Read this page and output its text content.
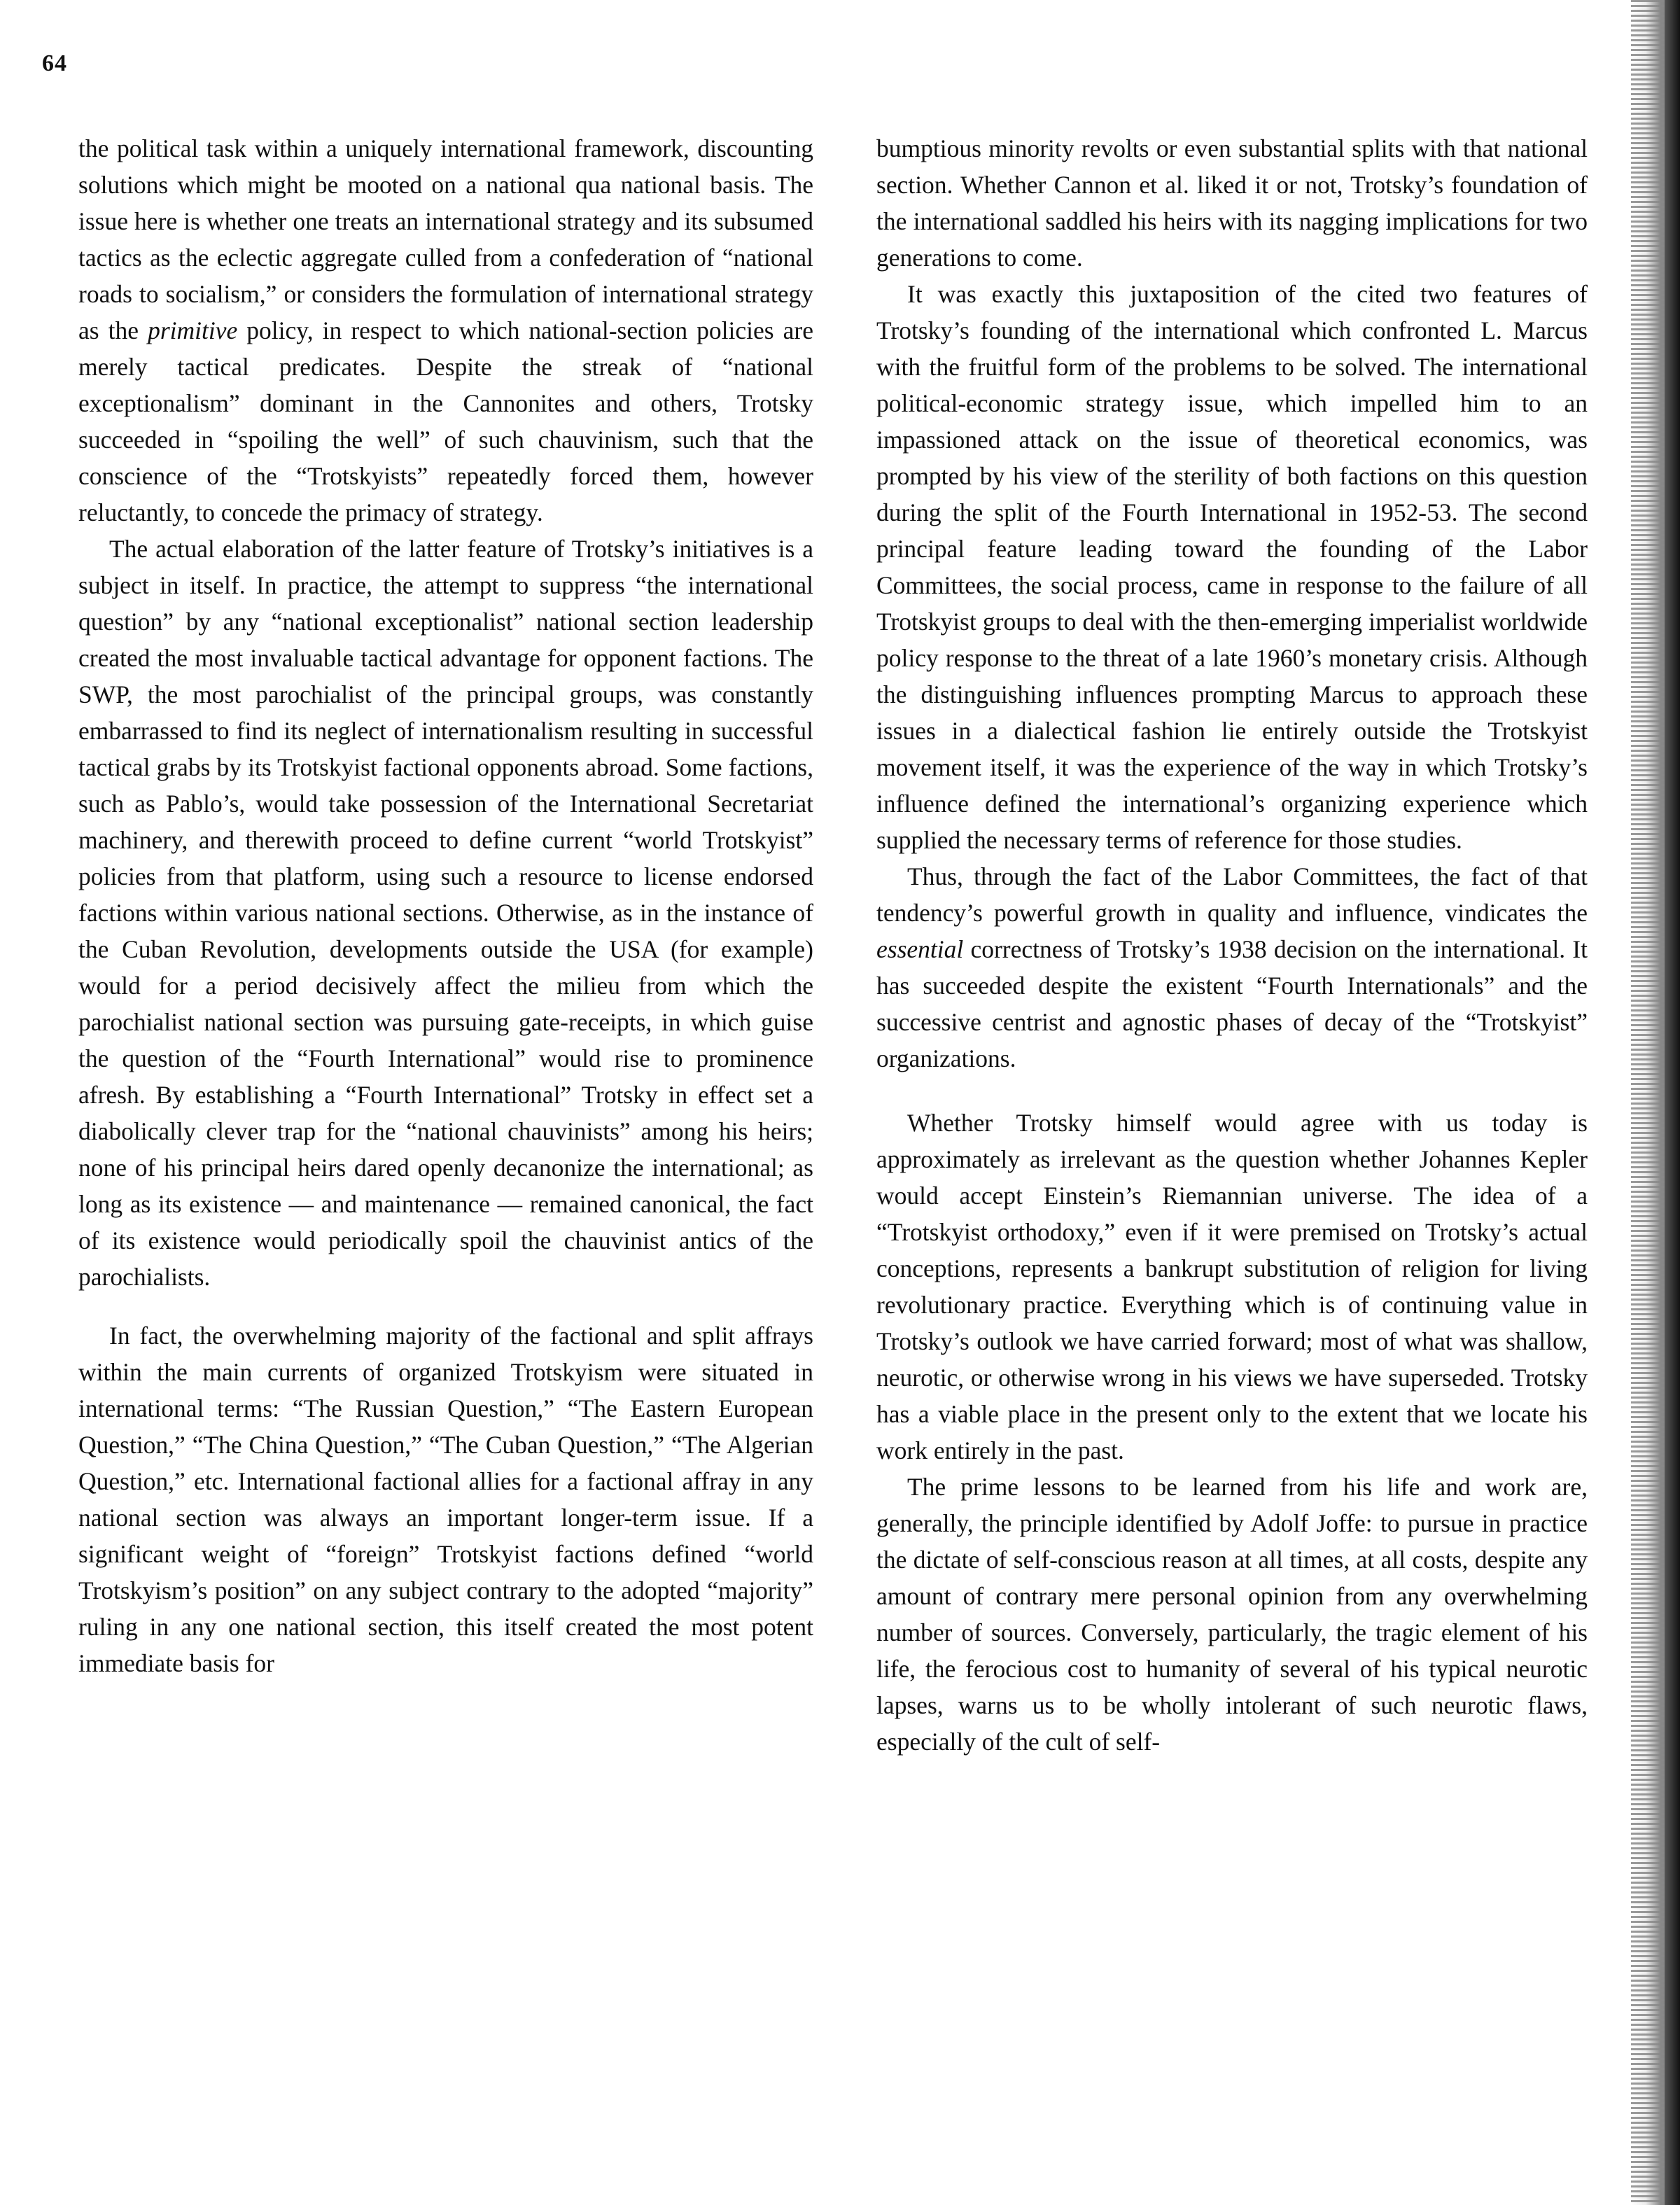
64

the political task within a uniquely international framework, discounting solutions which might be mooted on a national qua national basis. The issue here is whether one treats an international strategy and its subsumed tactics as the eclectic aggregate culled from a confederation of “national roads to socialism,” or considers the formulation of international strategy as the primitive policy, in respect to which national-section policies are merely tactical predicates. Despite the streak of “national exceptionalism” dominant in the Cannonites and others, Trotsky succeeded in “spoiling the well” of such chauvinism, such that the conscience of the “Trotskyists” repeatedly forced them, however reluctantly, to concede the primacy of strategy.

The actual elaboration of the latter feature of Trotsky’s initiatives is a subject in itself. In practice, the attempt to suppress “the international question” by any “national exceptionalist” national section leadership created the most invaluable tactical advantage for opponent factions. The SWP, the most parochialist of the principal groups, was constantly embarrassed to find its neglect of internationalism resulting in successful tactical grabs by its Trotskyist factional opponents abroad. Some factions, such as Pablo’s, would take possession of the International Secretariat machinery, and therewith proceed to define current “world Trotskyist” policies from that platform, using such a resource to license endorsed factions within various national sections. Otherwise, as in the instance of the Cuban Revolution, developments outside the USA (for example) would for a period decisively affect the milieu from which the parochialist national section was pursuing gate-receipts, in which guise the question of the “Fourth International” would rise to prominence afresh. By establishing a “Fourth International” Trotsky in effect set a diabolically clever trap for the “national chauvinists” among his heirs; none of his principal heirs dared openly decanonize the international; as long as its existence — and maintenance — remained canonical, the fact of its existence would periodically spoil the chauvinist antics of the parochialists.

In fact, the overwhelming majority of the factional and split affrays within the main currents of organized Trotskyism were situated in international terms: “The Russian Question,” “The Eastern European Question,” “The China Question,” “The Cuban Question,” “The Algerian Question,” etc. International factional allies for a factional affray in any national section was always an important longer-term issue. If a significant weight of “foreign” Trotskyist factions defined “world Trotskyism’s position” on any subject contrary to the adopted “majority” ruling in any one national section, this itself created the most potent immediate basis for

bumptious minority revolts or even substantial splits with that national section. Whether Cannon et al. liked it or not, Trotsky’s foundation of the international saddled his heirs with its nagging implications for two generations to come.

It was exactly this juxtaposition of the cited two features of Trotsky’s founding of the international which confronted L. Marcus with the fruitful form of the problems to be solved. The international political-economic strategy issue, which impelled him to an impassioned attack on the issue of theoretical economics, was prompted by his view of the sterility of both factions on this question during the split of the Fourth International in 1952-53. The second principal feature leading toward the founding of the Labor Committees, the social process, came in response to the failure of all Trotskyist groups to deal with the then-emerging imperialist worldwide policy response to the threat of a late 1960’s monetary crisis. Although the distinguishing influences prompting Marcus to approach these issues in a dialectical fashion lie entirely outside the Trotskyist movement itself, it was the experience of the way in which Trotsky’s influence defined the international’s organizing experience which supplied the necessary terms of reference for those studies.

Thus, through the fact of the Labor Committees, the fact of that tendency’s powerful growth in quality and influence, vindicates the essential correctness of Trotsky’s 1938 decision on the international. It has succeeded despite the existent “Fourth Internationals” and the successive centrist and agnostic phases of decay of the “Trotskyist” organizations.

Whether Trotsky himself would agree with us today is approximately as irrelevant as the question whether Johannes Kepler would accept Einstein’s Riemannian universe. The idea of a “Trotskyist orthodoxy,” even if it were premised on Trotsky’s actual conceptions, represents a bankrupt substitution of religion for living revolutionary practice. Everything which is of continuing value in Trotsky’s outlook we have carried forward; most of what was shallow, neurotic, or otherwise wrong in his views we have superseded. Trotsky has a viable place in the present only to the extent that we locate his work entirely in the past.

The prime lessons to be learned from his life and work are, generally, the principle identified by Adolf Joffe: to pursue in practice the dictate of self-conscious reason at all times, at all costs, despite any amount of contrary mere personal opinion from any overwhelming number of sources. Conversely, particularly, the tragic element of his life, the ferocious cost to humanity of several of his typical neurotic lapses, warns us to be wholly intolerant of such neurotic flaws, especially of the cult of self-
